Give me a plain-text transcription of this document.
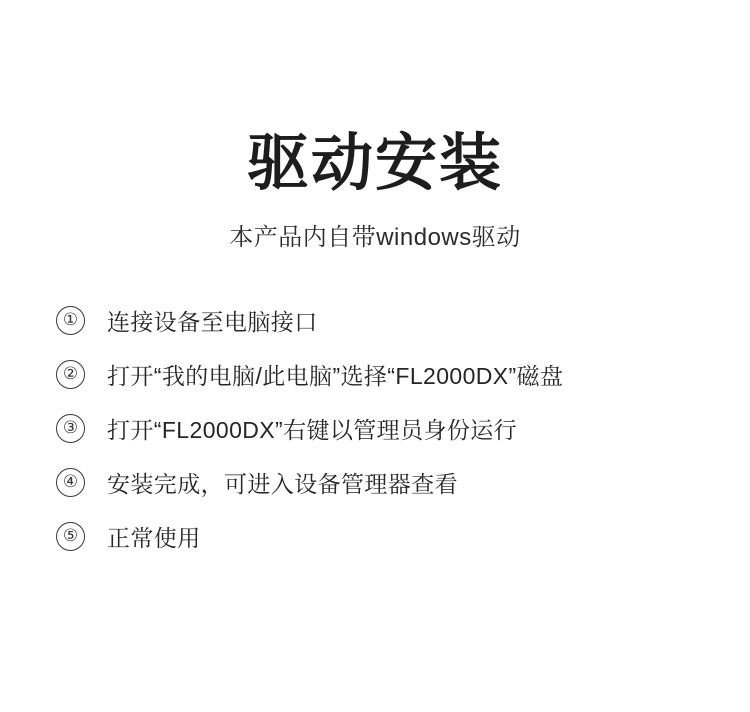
驱动安装

本产品内自带windows驱动

① 连接设备至电脑接口
② 打开“我的电脑/此电脑”选择“FL2000DX”磁盘
③ 打开“FL2000DX”右键以管理员身份运行
④ 安装完成，可进入设备管理器查看
⑤ 正常使用
